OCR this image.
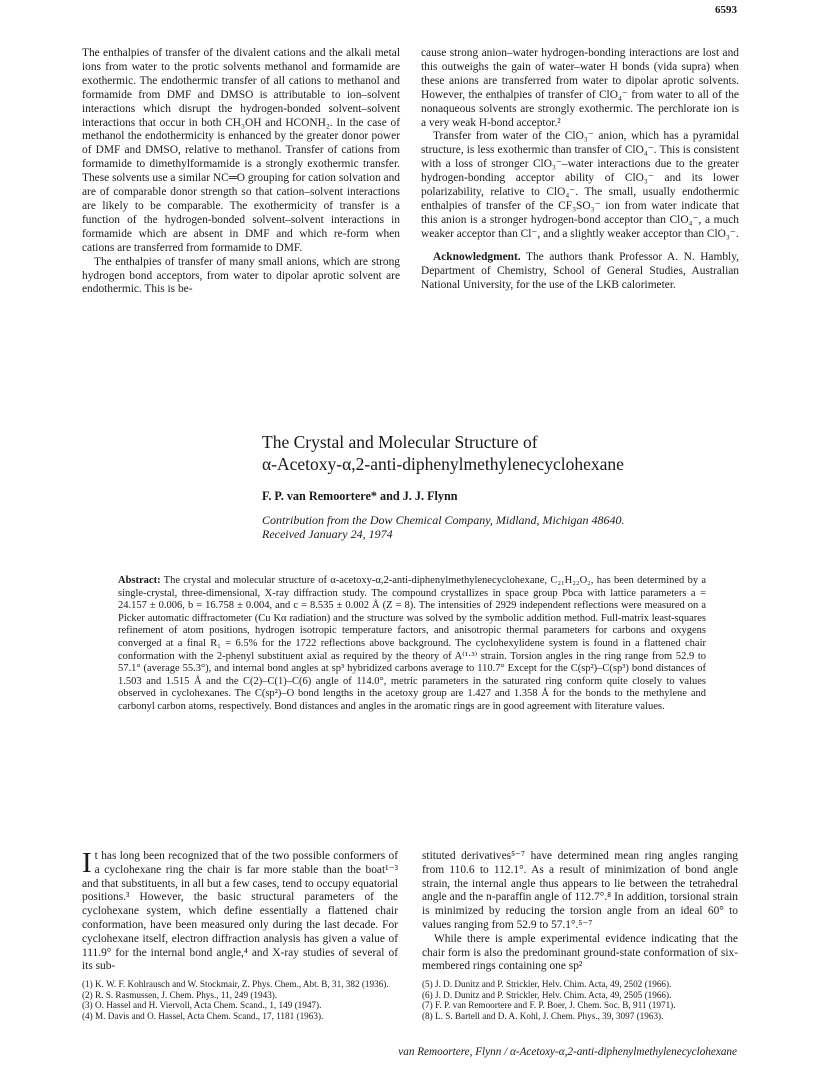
6593

The enthalpies of transfer of the divalent cations and the alkali metal ions from water to the protic solvents methanol and formamide are exothermic. The endothermic transfer of all cations to methanol and formamide from DMF and DMSO is attributable to ion–solvent interactions which disrupt the hydrogen-bonded solvent–solvent interactions that occur in both CH₃OH and HCONH₂. In the case of methanol the endothermicity is enhanced by the greater donor power of DMF and DMSO, relative to methanol. Transfer of cations from formamide to dimethylformamide is a strongly exothermic transfer. These solvents use a similar NC═O grouping for cation solvation and are of comparable donor strength so that cation–solvent interactions are likely to be comparable. The exothermicity of transfer is a function of the hydrogen-bonded solvent–solvent interactions in formamide which are absent in DMF and which re-form when cations are transferred from formamide to DMF.

The enthalpies of transfer of many small anions, which are strong hydrogen bond acceptors, from water to dipolar aprotic solvent are endothermic. This is be-

cause strong anion–water hydrogen-bonding interactions are lost and this outweighs the gain of water–water H bonds (vida supra) when these anions are transferred from water to dipolar aprotic solvents. However, the enthalpies of transfer of ClO₄⁻ from water to all of the nonaqueous solvents are strongly exothermic. The perchlorate ion is a very weak H-bond acceptor.²

Transfer from water of the ClO₃⁻ anion, which has a pyramidal structure, is less exothermic than transfer of ClO₄⁻. This is consistent with a loss of stronger ClO₃⁻–water interactions due to the greater hydrogen-bonding acceptor ability of ClO₃⁻ and its lower polarizability, relative to ClO₄⁻. The small, usually endothermic enthalpies of transfer of the CF₃SO₃⁻ ion from water indicate that this anion is a stronger hydrogen-bond acceptor than ClO₄⁻, a much weaker acceptor than Cl⁻, and a slightly weaker acceptor than ClO₃⁻.

Acknowledgment. The authors thank Professor A. N. Hambly, Department of Chemistry, School of General Studies, Australian National University, for the use of the LKB calorimeter.

The Crystal and Molecular Structure of
α-Acetoxy-α,2-anti-diphenylmethylenecyclohexane
F. P. van Remoortere* and J. J. Flynn
Contribution from the Dow Chemical Company, Midland, Michigan 48640.
Received January 24, 1974
Abstract: The crystal and molecular structure of α-acetoxy-α,2-anti-diphenylmethylenecyclohexane, C₂₁H₂₂O₂, has been determined by a single-crystal, three-dimensional, X-ray diffraction study. The compound crystallizes in space group Pbca with lattice parameters a = 24.157 ± 0.006, b = 16.758 ± 0.004, and c = 8.535 ± 0.002 Å (Z = 8). The intensities of 2929 independent reflections were measured on a Picker automatic diffractometer (Cu Kα radiation) and the structure was solved by the symbolic addition method. Full-matrix least-squares refinement of atom positions, hydrogen isotropic temperature factors, and anisotropic thermal parameters for carbons and oxygens converged at a final R₁ = 6.5% for the 1722 reflections above background. The cyclohexylidene system is found in a flattened chair conformation with the 2-phenyl substituent axial as required by the theory of A⁽¹·³⁾ strain. Torsion angles in the ring range from 52.9 to 57.1° (average 55.3°), and internal bond angles at sp³ hybridized carbons average to 110.7° Except for the C(sp²)–C(sp³) bond distances of 1.503 and 1.515 Å and the C(2)–C(1)–C(6) angle of 114.0°, metric parameters in the saturated ring conform quite closely to values observed in cyclohexanes. The C(sp²)–O bond lengths in the acetoxy group are 1.427 and 1.358 Å for the bonds to the methylene and carbonyl carbon atoms, respectively. Bond distances and angles in the aromatic rings are in good agreement with literature values.
It has long been recognized that of the two possible conformers of a cyclohexane ring the chair is far more stable than the boat¹⁻³ and that substituents, in all but a few cases, tend to occupy equatorial positions.³ However, the basic structural parameters of the cyclohexane system, which define essentially a flattened chair conformation, have been measured only during the last decade. For cyclohexane itself, electron diffraction analysis has given a value of 111.9° for the internal bond angle,⁴ and X-ray studies of several of its sub-
stituted derivatives⁵⁻⁷ have determined mean ring angles ranging from 110.6 to 112.1°. As a result of minimization of bond angle strain, the internal angle thus appears to lie between the tetrahedral angle and the n-paraffin angle of 112.7°.⁸ In addition, torsional strain is minimized by reducing the torsion angle from an ideal 60° to values ranging from 52.9 to 57.1°.⁵⁻⁷
While there is ample experimental evidence indicating that the chair form is also the predominant ground-state conformation of six-membered rings containing one sp²

(1) K. W. F. Kohlrausch and W. Stockmair, Z. Phys. Chem., Abt. B, 31, 382 (1936).

(2) R. S. Rasmussen, J. Chem. Phys., 11, 249 (1943).

(3) O. Hassel and H. Viervoll, Acta Chem. Scand., 1, 149 (1947).

(4) M. Davis and O. Hassel, Acta Chem. Scand., 17, 1181 (1963).

(5) J. D. Dunitz and P. Strickler, Helv. Chim. Acta, 49, 2502 (1966).

(6) J. D. Dunitz and P. Strickler, Helv. Chim. Acta, 49, 2505 (1966).

(7) F. P. van Remoortere and F. P. Boer, J. Chem. Soc. B, 911 (1971).

(8) L. S. Bartell and D. A. Kohl, J. Chem. Phys., 39, 3097 (1963).

van Remoortere, Flynn / α-Acetoxy-α,2-anti-diphenylmethylenecyclohexane
